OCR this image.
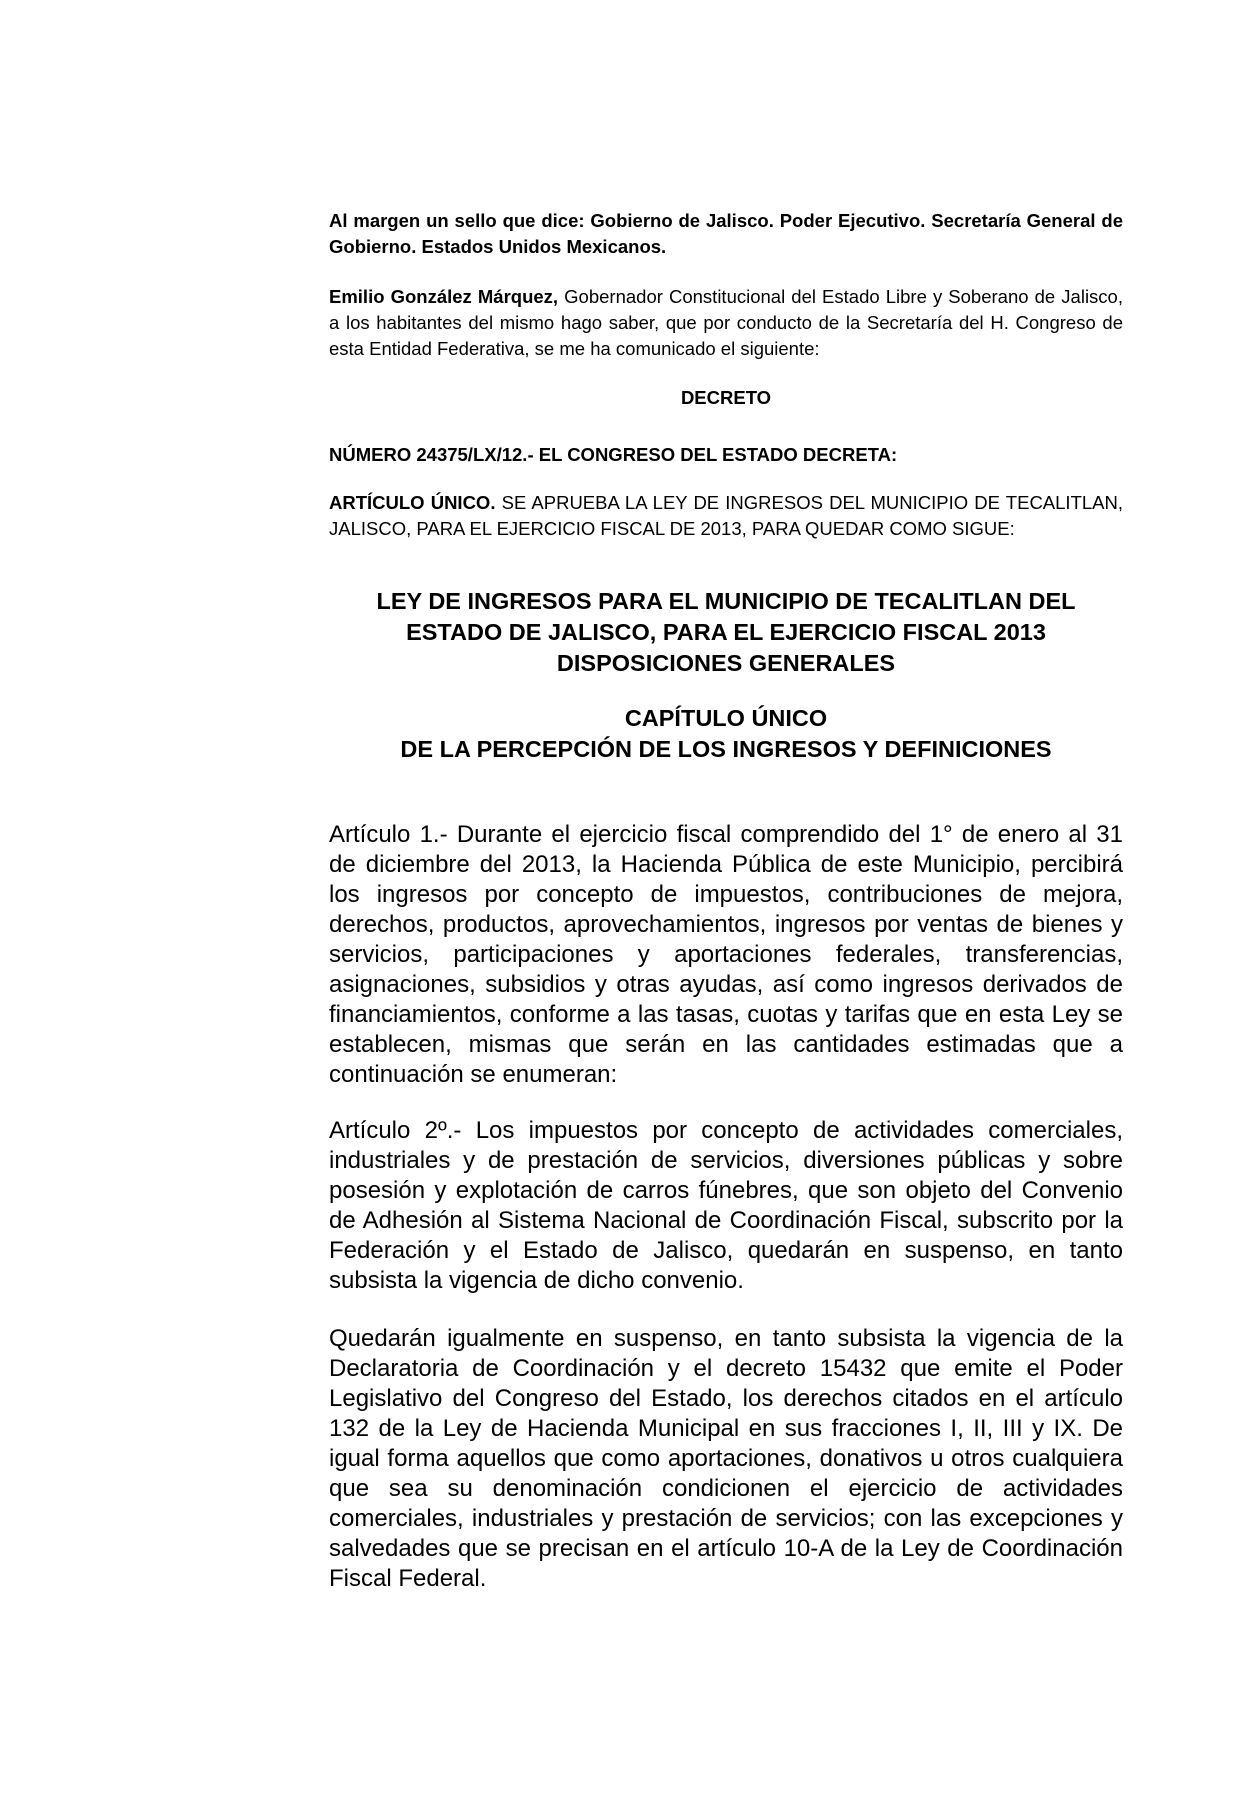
Al margen un sello que dice: Gobierno de Jalisco. Poder Ejecutivo. Secretaría General de Gobierno. Estados Unidos Mexicanos.

Emilio González Márquez, Gobernador Constitucional del Estado Libre y Soberano de Jalisco, a los habitantes del mismo hago saber, que por conducto de la Secretaría del H. Congreso de esta Entidad Federativa, se me ha comunicado el siguiente:

DECRETO

NÚMERO 24375/LX/12.- EL CONGRESO DEL ESTADO DECRETA:

ARTÍCULO ÚNICO. SE APRUEBA LA LEY DE INGRESOS DEL MUNICIPIO DE TECALITLAN, JALISCO, PARA EL EJERCICIO FISCAL DE 2013, PARA QUEDAR COMO SIGUE:

LEY DE INGRESOS PARA EL MUNICIPIO DE TECALITLAN DEL
ESTADO DE JALISCO, PARA EL EJERCICIO FISCAL 2013
DISPOSICIONES GENERALES
CAPÍTULO ÚNICO
DE LA PERCEPCIÓN DE LOS INGRESOS Y DEFINICIONES

Artículo 1.- Durante el ejercicio fiscal comprendido del 1° de enero al 31 de diciembre del 2013, la Hacienda Pública de este Municipio, percibirá los ingresos por concepto de impuestos, contribuciones de mejora, derechos, productos, aprovechamientos, ingresos por ventas de bienes y servicios, participaciones y aportaciones federales, transferencias, asignaciones, subsidios y otras ayudas, así como ingresos derivados de financiamientos, conforme a las tasas, cuotas y tarifas que en esta Ley se establecen, mismas que serán en las cantidades estimadas que a continuación se enumeran:

Artículo 2º.- Los impuestos por concepto de actividades comerciales, industriales y de prestación de servicios, diversiones públicas y sobre posesión y explotación de carros fúnebres, que son objeto del Convenio de Adhesión al Sistema Nacional de Coordinación Fiscal, subscrito por la Federación y el Estado de Jalisco, quedarán en suspenso, en tanto subsista la vigencia de dicho convenio.

Quedarán igualmente en suspenso, en tanto subsista la vigencia de la Declaratoria de Coordinación y el decreto 15432 que emite el Poder Legislativo del Congreso del Estado, los derechos citados en el artículo 132 de la Ley de Hacienda Municipal en sus fracciones I, II, III y IX. De igual forma aquellos que como aportaciones, donativos u otros cualquiera que sea su denominación condicionen el ejercicio de actividades comerciales, industriales y prestación de servicios; con las excepciones y salvedades que se precisan en el artículo 10-A de la Ley de Coordinación Fiscal Federal.
